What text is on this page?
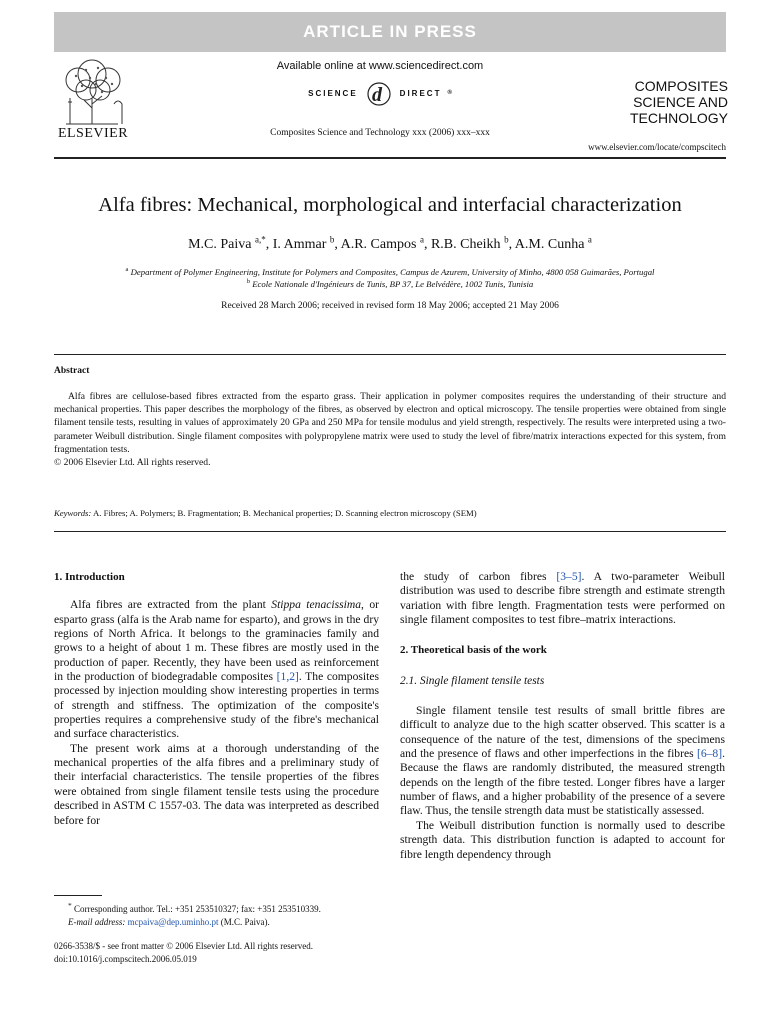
ARTICLE IN PRESS
ELSEVIER
Available online at www.sciencedirect.com
SCIENCE d DIRECT ®
Composites Science and Technology xxx (2006) xxx–xxx
COMPOSITES
SCIENCE AND
TECHNOLOGY
www.elsevier.com/locate/compscitech
Alfa fibres: Mechanical, morphological and interfacial characterization
M.C. Paiva $^{a,*}$, I. Ammar $^b$, A.R. Campos $^a$, R.B. Cheikh $^b$, A.M. Cunha $^a$
$^a$ Department of Polymer Engineering, Institute for Polymers and Composites, Campus de Azurem, University of Minho, 4800 058 Guimarães, Portugal
$^b$ Ecole Nationale d'Ingénieurs de Tunis, BP 37, Le Belvédère, 1002 Tunis, Tunisia
Received 28 March 2006; received in revised form 18 May 2006; accepted 21 May 2006
Abstract

Alfa fibres are cellulose-based fibres extracted from the esparto grass. Their application in polymer composites requires the understanding of their structure and mechanical properties. This paper describes the morphology of the fibres, as observed by electron and optical microscopy. The tensile properties were obtained from single filament tensile tests, resulting in values of approximately 20 GPa and 250 MPa for tensile modulus and yield strength, respectively. The results were interpreted using a two-parameter Weibull distribution. Single filament composites with polypropylene matrix were used to study the level of fibre/matrix interactions expected for this system, from fragmentation tests.

© 2006 Elsevier Ltd. All rights reserved.

Keywords: A. Fibres; A. Polymers; B. Fragmentation; B. Mechanical properties; D. Scanning electron microscopy (SEM)
1. Introduction

Alfa fibres are extracted from the plant Stippa tenacissima, or esparto grass (alfa is the Arab name for esparto), and grows in the dry regions of North Africa. It belongs to the graminacies family and grows to a height of about 1 m. These fibres are mostly used in the production of paper. Recently, they have been used as reinforcement in the production of biodegradable composites [1,2]. The composites processed by injection moulding show interesting properties in terms of strength and stiffness. The optimization of the composite's properties requires a comprehensive study of the fibre's mechanical and surface characteristics.

The present work aims at a thorough understanding of the mechanical properties of the alfa fibres and a preliminary study of their interfacial characteristics. The tensile properties of the fibres were obtained from single filament tensile tests using the procedure described in ASTM C 1557-03. The data was interpreted as described before for

* Corresponding author. Tel.: +351 253510327; fax: +351 253510339.
E-mail address: mcpaiva@dep.uminho.pt (M.C. Paiva).
0266-3538/$ - see front matter © 2006 Elsevier Ltd. All rights reserved.
doi:10.1016/j.compscitech.2006.05.019

the study of carbon fibres [3–5]. A two-parameter Weibull distribution was used to describe fibre strength and estimate strength variation with fibre length. Fragmentation tests were performed on single filament composites to test fibre–matrix interactions.

2. Theoretical basis of the work
2.1. Single filament tensile tests

Single filament tensile test results of small brittle fibres are difficult to analyze due to the high scatter observed. This scatter is a consequence of the nature of the test, dimensions of the specimens and the presence of flaws and other imperfections in the fibres [6–8]. Because the flaws are randomly distributed, the measured strength depends on the length of the fibre tested. Longer fibres have a larger number of flaws, and a higher probability of the presence of a severe flaw. Thus, the tensile strength data must be statistically assessed.

The Weibull distribution function is normally used to describe strength data. This distribution function is adapted to account for fibre length dependency through
